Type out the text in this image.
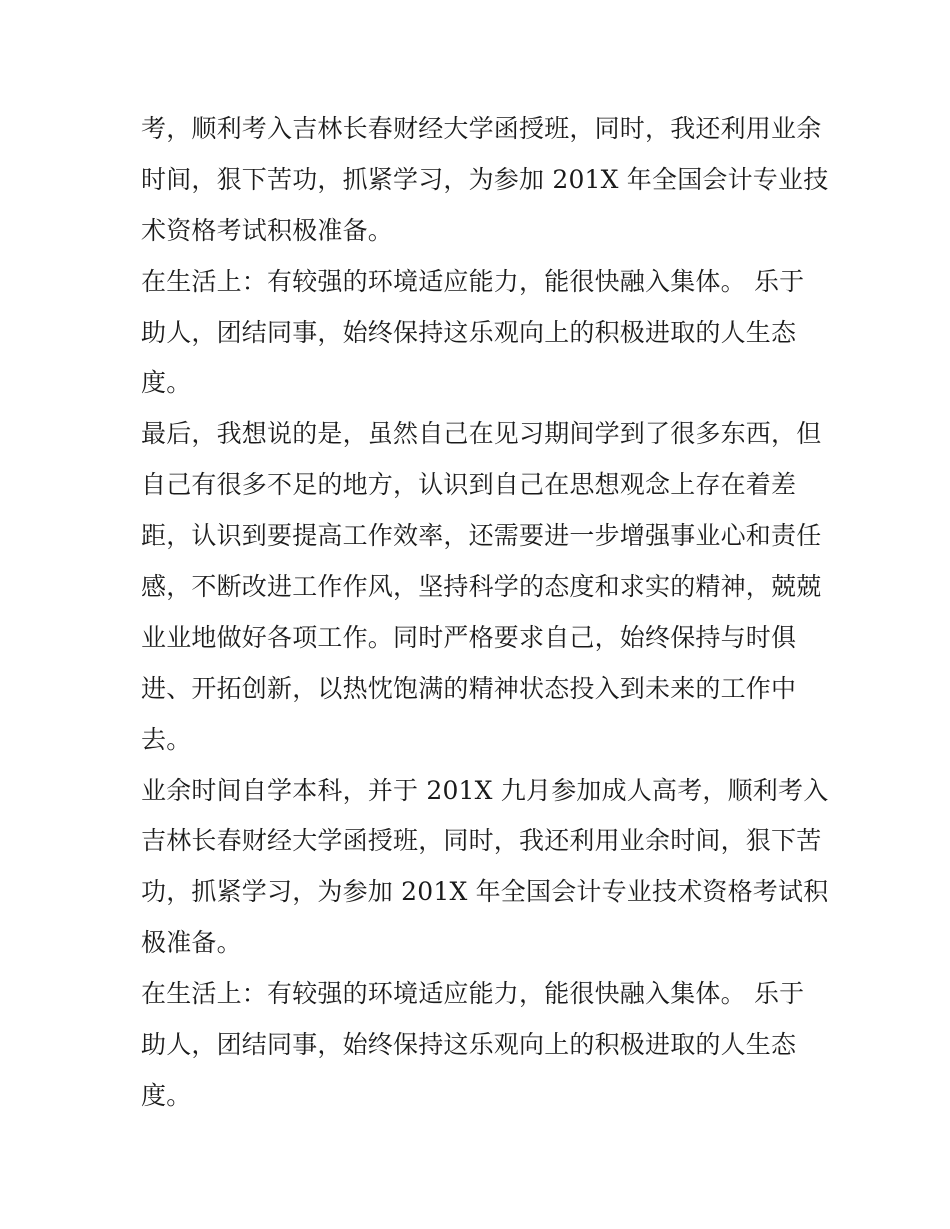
考，顺利考入吉林长春财经大学函授班，同时，我还利用业余
时间，狠下苦功，抓紧学习，为参加 201X 年全国会计专业技
术资格考试积极准备。
在生活上：有较强的环境适应能力，能很快融入集体。 乐于
助人，团结同事，始终保持这乐观向上的积极进取的人生态
度。
最后，我想说的是，虽然自己在见习期间学到了很多东西，但
自己有很多不足的地方，认识到自己在思想观念上存在着差
距，认识到要提高工作效率，还需要进一步增强事业心和责任
感，不断改进工作作风，坚持科学的态度和求实的精神，兢兢
业业地做好各项工作。同时严格要求自己，始终保持与时俱
进、开拓创新，以热忱饱满的精神状态投入到未来的工作中
去。
业余时间自学本科，并于 201X 九月参加成人高考，顺利考入
吉林长春财经大学函授班，同时，我还利用业余时间，狠下苦
功，抓紧学习，为参加 201X 年全国会计专业技术资格考试积
极准备。
在生活上：有较强的环境适应能力，能很快融入集体。 乐于
助人，团结同事，始终保持这乐观向上的积极进取的人生态
度。
